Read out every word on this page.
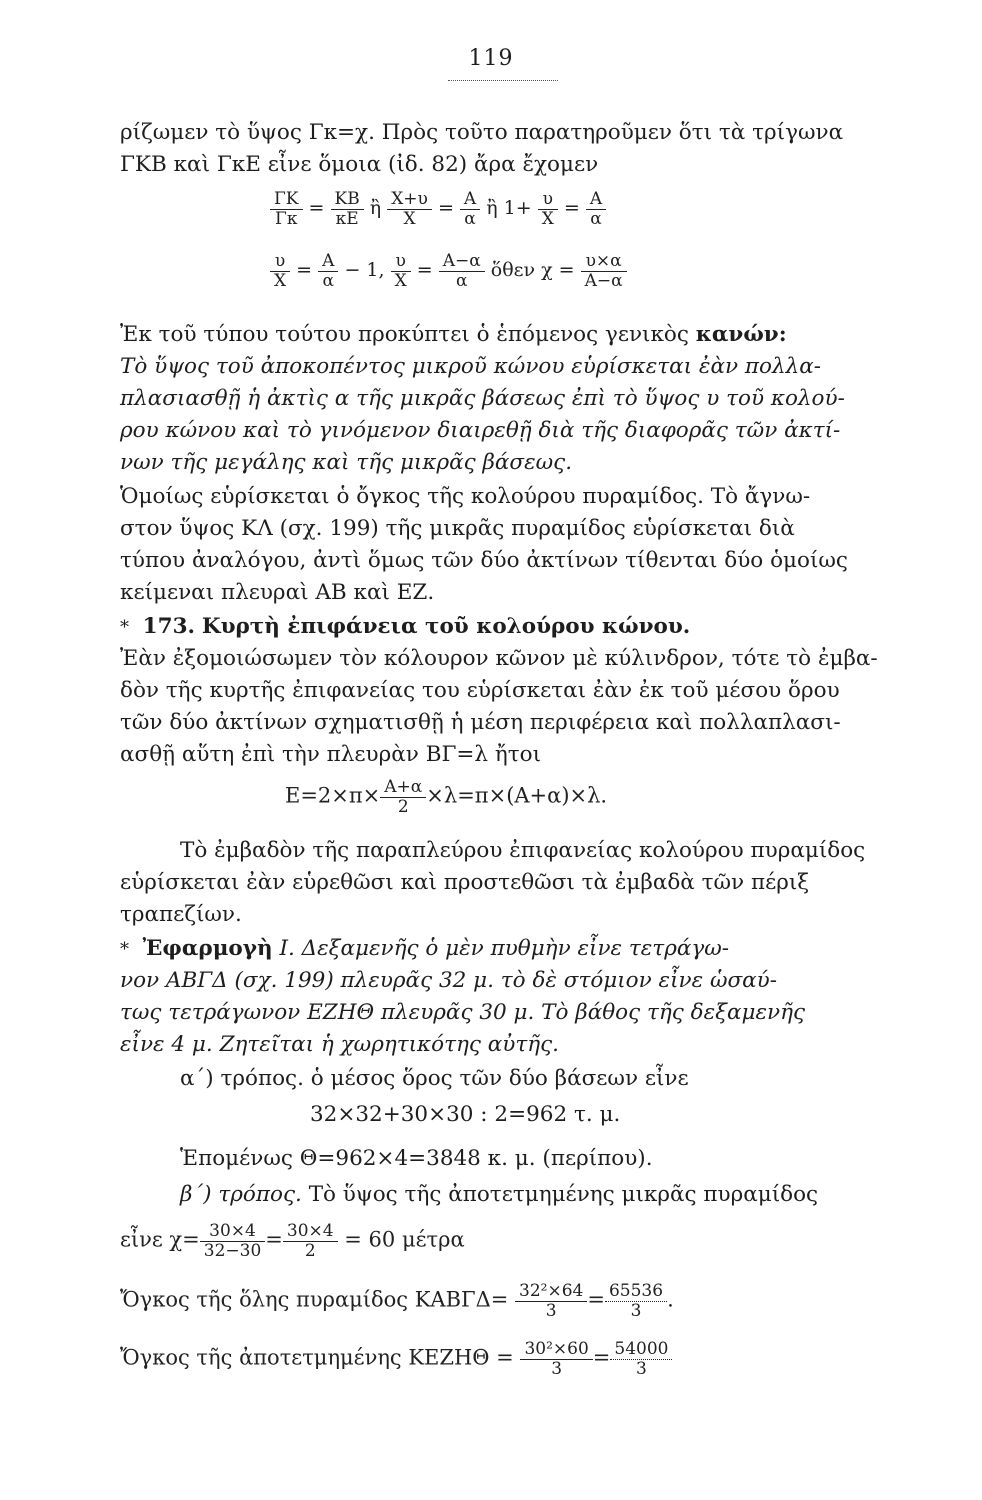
119
ρίζωμεν τὸ ὕψος Γκ=χ. Πρὸς τοῦτο παρατηροῦμεν ὅτι τὰ τρίγωνα
ΓΚΒ καὶ ΓκΕ εἶνε ὅμοια (ἰδ. 82) ἄρα ἔχομεν
$\frac{\Gamma K}{\Gamma\kappa} = \frac{KB}{\kappa E}$ ἢ $\frac{X+\upsilon}{X} = \frac{A}{\alpha}$ ἢ $1+ \frac{\upsilon}{X} = \frac{A}{\alpha}$
$\frac{\upsilon}{X} = \frac{A}{\alpha} - 1$, $\frac{\upsilon}{X} = \frac{A-\alpha}{\alpha}$ ὅθεν $\chi = \frac{\upsilon\times\alpha}{A-\alpha}$
Ἐκ τοῦ τύπου τούτου προκύπτει ὁ ἑπόμενος γενικὸς κανών:
Τὸ ὕψος τοῦ ἀποκοπέντος μικροῦ κώνου εὑρίσκεται ἐὰν πολλα-
πλασιασθῇ ἡ ἀκτὶς α τῆς μικρᾶς βάσεως ἐπὶ τὸ ὕψος υ τοῦ κολού-
ρου κώνου καὶ τὸ γινόμενον διαιρεθῇ διὰ τῆς διαφορᾶς τῶν ἀκτί-
νων τῆς μεγάλης καὶ τῆς μικρᾶς βάσεως.
Ὁμοίως εὑρίσκεται ὁ ὄγκος τῆς κολούρου πυραμίδος. Τὸ ἄγνω-
στον ὕψος ΚΛ (σχ. 199) τῆς μικρᾶς πυραμίδος εὑρίσκεται διὰ
τύπου ἀναλόγου, ἀντὶ ὅμως τῶν δύο ἀκτίνων τίθενται δύο ὁμοίως
κείμεναι πλευραὶ ΑΒ καὶ ΕΖ.
* 173. Κυρτὴ ἐπιφάνεια τοῦ κολούρου κώνου.
Ἐὰν ἐξομοιώσωμεν τὸν κόλουρον κῶνον μὲ κύλινδρον, τότε τὸ ἐμβα-
δὸν τῆς κυρτῆς ἐπιφανείας του εὑρίσκεται ἐὰν ἐκ τοῦ μέσου ὅρου
τῶν δύο ἀκτίνων σχηματισθῇ ἡ μέση περιφέρεια καὶ πολλαπλασι-
ασθῇ αὕτη ἐπὶ τὴν πλευρὰν ΒΓ=λ ἤτοι
$E=2\times\pi\times \frac{A+\alpha}{2} \times\lambda=\pi\times(A+\alpha)\times\lambda$.
Τὸ ἐμβαδὸν τῆς παραπλεύρου ἐπιφανείας κολούρου πυραμίδος
εὑρίσκεται ἐὰν εὑρεθῶσι καὶ προστεθῶσι τὰ ἐμβαδὰ τῶν πέριξ
τραπεζίων.
* Ἐφαρμογὴ I. Δεξαμενῆς ὁ μὲν πυθμὴν εἶνε τετράγω-
νον ΑΒΓΔ (σχ. 199) πλευρᾶς 32 μ. τὸ δὲ στόμιον εἶνε ὡσαύ-
τως τετράγωνον ΕΖΗΘ πλευρᾶς 30 μ. Τὸ βάθος τῆς δεξαμενῆς
εἶνε 4 μ. Ζητεῖται ἡ χωρητικότης αὐτῆς.
α΄) τρόπος. ὁ μέσος ὅρος τῶν δύο βάσεων εἶνε
32×32+30×30 : 2=962 τ. μ.
Ἑπομένως Θ=962×4=3848 κ. μ. (περίπου).
β΄) τρόπος. Τὸ ὕψος τῆς ἀποτετμημένης μικρᾶς πυραμίδος
εἶνε $\chi= \frac{30\times 4}{32-30} = \frac{30\times 4}{2} = 60$ μέτρα
Ὄγκος τῆς ὅλης πυραμίδος $KAB\Gamma\Delta= \frac{\text{32²×64}}{3} = \frac{65536}{3}$ .
Ὄγκος τῆς ἀποτετμημένης $KEZH\Theta = \frac{\text{30²×60}}{3} = \frac{54000}{3}$
